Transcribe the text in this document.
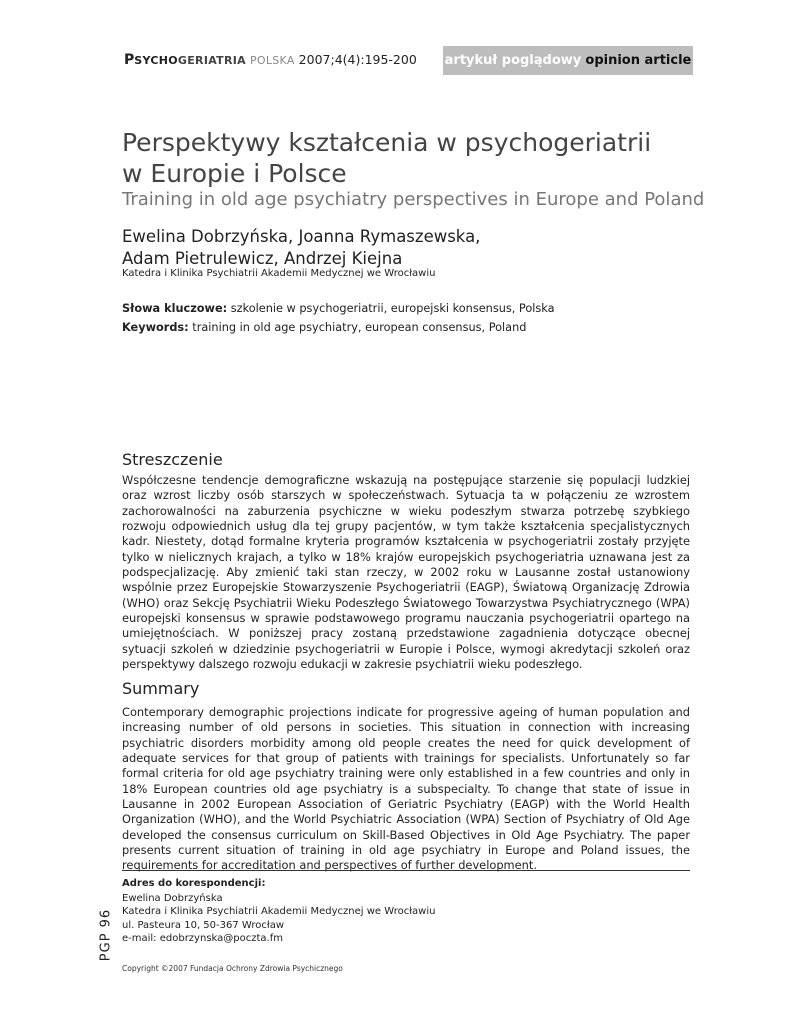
PSYCHOGERIATRIA POLSKA 2007;4(4):195-200 artykuł poglądowy opinion article
Perspektywy kształcenia w psychogeriatrii
w Europie i Polsce
Training in old age psychiatry perspectives in Europe and Poland
Ewelina Dobrzyńska, Joanna Rymaszewska,
Adam Pietrulewicz, Andrzej Kiejna
Katedra i Klinika Psychiatrii Akademii Medycznej we Wrocławiu
Słowa kluczowe: szkolenie w psychogeriatrii, europejski konsensus, Polska
Keywords: training in old age psychiatry, european consensus, Poland
Streszczenie

Współczesne tendencje demograficzne wskazują na postępujące starzenie się populacji ludzkiej oraz wzrost liczby osób starszych w społeczeństwach. Sytuacja ta w połączeniu ze wzrostem zachorowalności na zaburzenia psychiczne w wieku podeszłym stwarza potrzebę szybkiego rozwoju odpowiednich usług dla tej grupy pacjentów, w tym także kształcenia specjalistycznych kadr. Niestety, dotąd formalne kryteria programów kształcenia w psychogeriatrii zostały przyjęte tylko w nielicznych krajach, a tylko w 18% krajów europejskich psychogeriatria uznawana jest za podspecjalizację. Aby zmienić taki stan rzeczy, w 2002 roku w Lausanne został ustanowiony wspólnie przez Europejskie Stowarzyszenie Psychogeriatrii (EAGP), Światową Organizację Zdrowia (WHO) oraz Sekcję Psychiatrii Wieku Podeszłego Światowego Towarzystwa Psychiatrycznego (WPA) europejski konsensus w sprawie podstawowego programu nauczania psychogeriatrii opartego na umiejętnościach. W poniższej pracy zostaną przedstawione zagadnienia dotyczące obecnej sytuacji szkoleń w dziedzinie psychogeriatrii w Europie i Polsce, wymogi akredytacji szkoleń oraz perspektywy dalszego rozwoju edukacji w zakresie psychiatrii wieku podeszłego.

Summary

Contemporary demographic projections indicate for progressive ageing of human population and increasing number of old persons in societies. This situation in connection with increasing psychiatric disorders morbidity among old people creates the need for quick development of adequate services for that group of patients with trainings for specialists. Unfortunately so far formal criteria for old age psychiatry training were only established in a few countries and only in 18% European countries old age psychiatry is a subspecialty. To change that state of issue in Lausanne in 2002 European Association of Geriatric Psychiatry (EAGP) with the World Health Organization (WHO), and the World Psychiatric Association (WPA) Section of Psychiatry of Old Age developed the consensus curriculum on Skill-Based Objectives in Old Age Psychiatry. The paper presents current situation of training in old age psychiatry in Europe and Poland issues, the requirements for accreditation and perspectives of further development.

Adres do korespondencji:
Ewelina Dobrzyńska
Katedra i Klinika Psychiatrii Akademii Medycznej we Wrocławiu
ul. Pasteura 10, 50-367 Wrocław
e-mail: edobrzynska@poczta.fm
PGP 96
Copyright ©2007 Fundacja Ochrony Zdrowia Psychicznego
